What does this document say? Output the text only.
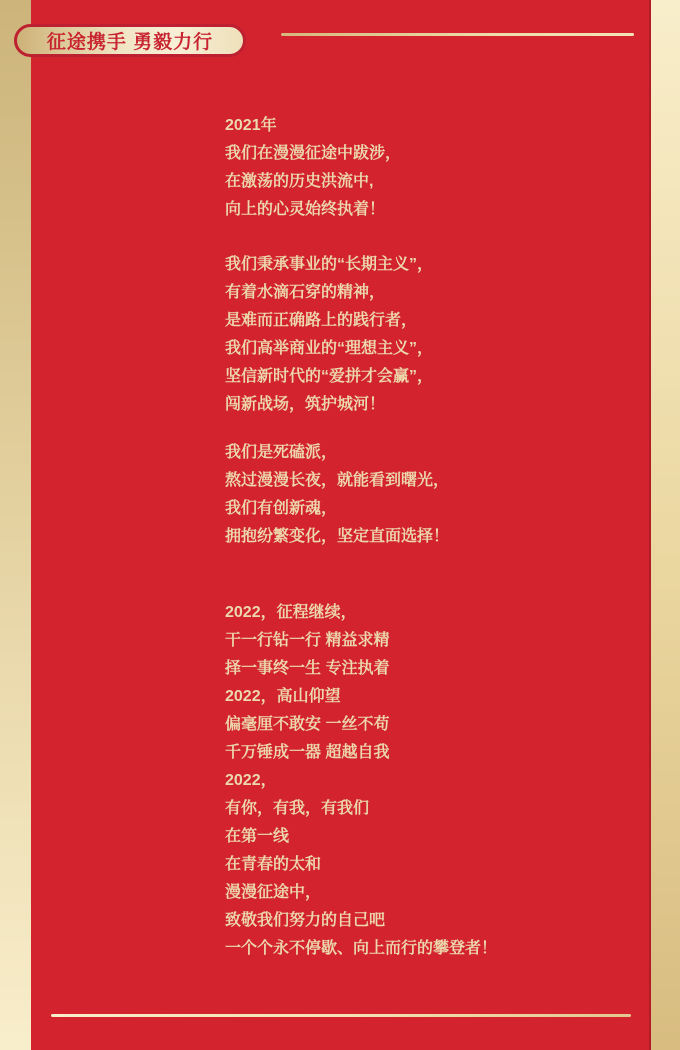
征途携手 勇毅力行
2021年
我们在漫漫征途中跋涉，
在激荡的历史洪流中,
向上的心灵始终执着！
我们秉承事业的“长期主义”，
有着水滴石穿的精神，
是难而正确路上的践行者，
我们高举商业的“理想主义”，
坚信新时代的“爱拼才会赢”，
闯新战场，筑护城河！
我们是死磕派，
熬过漫漫长夜，就能看到曙光，
我们有创新魂，
拥抱纷繁变化，坚定直面选择！
2022，征程继续，
干一行钻一行 精益求精
择一事终一生 专注执着
2022，高山仰望
偏毫厘不敢安 一丝不苟
千万锤成一器 超越自我
2022，
有你，有我，有我们
在第一线
在青春的太和
漫漫征途中，
致敬我们努力的自己吧
一个个永不停歇、向上而行的攀登者！
